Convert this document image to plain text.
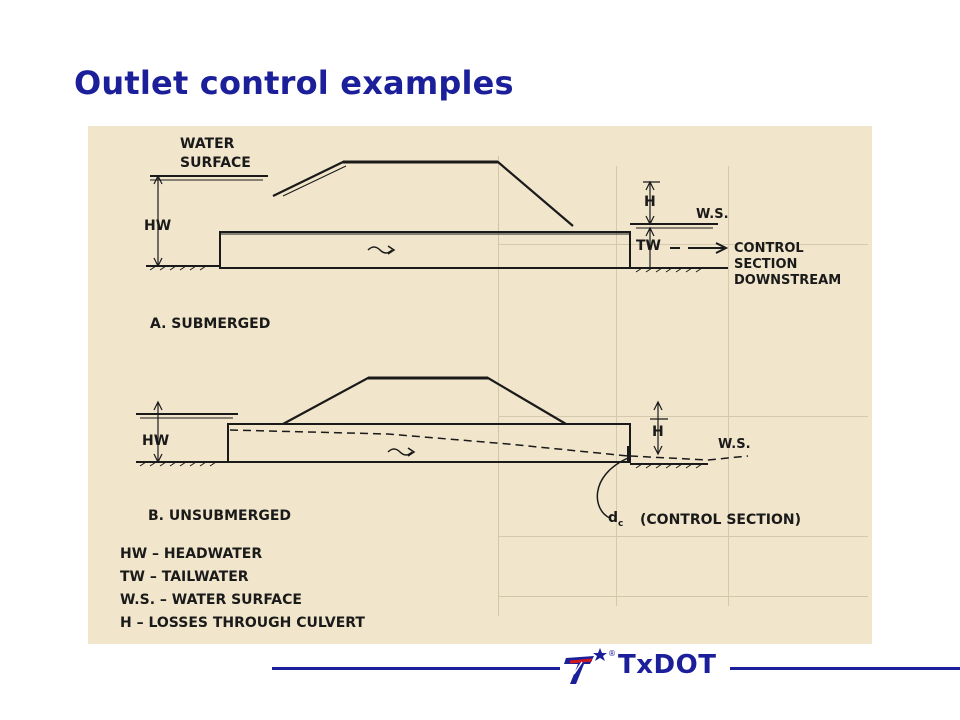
Outlet control examples
WATER
SURFACE
HW
H
W.S.
TW	CONTROL
SECTION
DOWNSTREAM
A. SUBMERGED
HW
H
W.S.
d c (CONTROL SECTION)
B. UNSUBMERGED
HW – HEADWATER
TW – TAILWATER
W.S. – WATER SURFACE
H – LOSSES THROUGH CULVERT
® TxDOT
